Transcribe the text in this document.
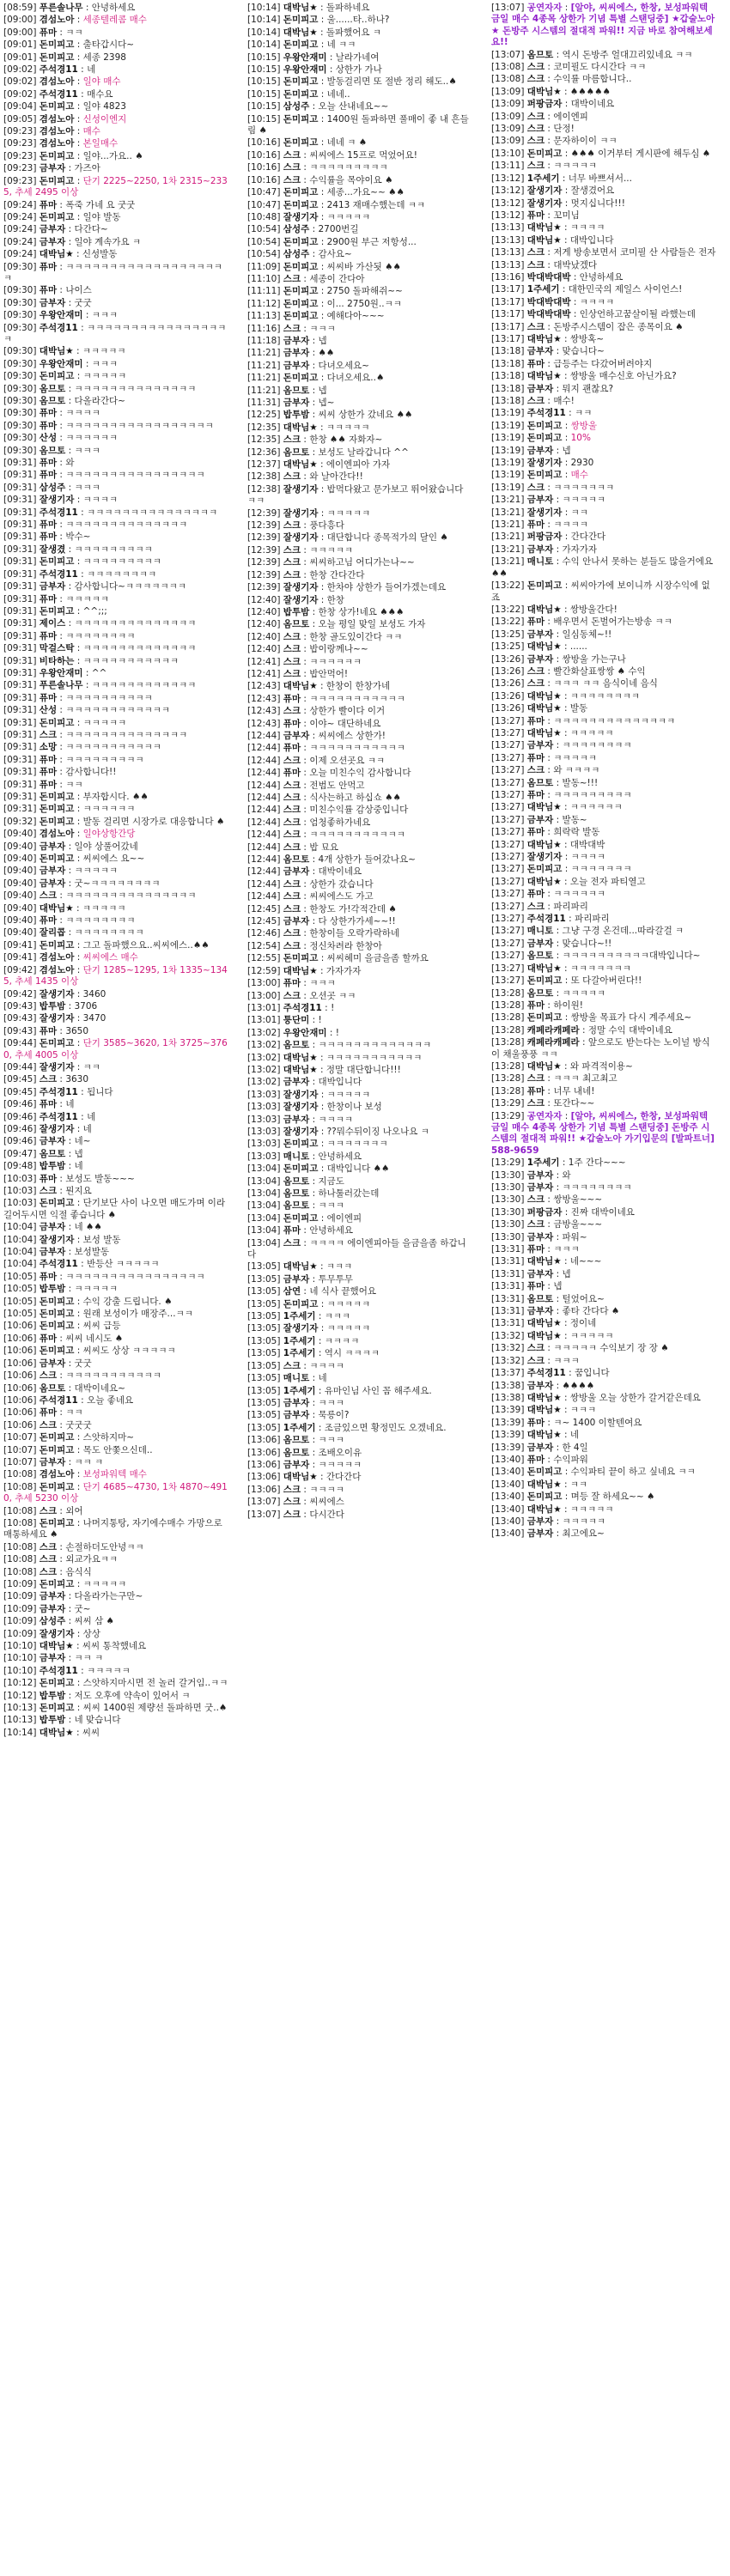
[08:59] 푸른솔나무 : 안녕하세요
[09:00] 겸섬노아 : 세종텔레콤 매수
[09:00] 퓨마 : ㅋㅋ
[09:01] 돈미피고 : 출타갑시다~
[09:01] 돈미피고 : 세종 2398
[09:02] 주석경11 : 네
[09:02] 겸섬노아 : 일야 매수
[09:02] 주석경11 : 매수요
[09:04] 돈미피고 : 일야 4823
[09:05] 겸섬노아 : 신성이엔지
[09:23] 겸섬노아 : 매수
[09:23] 겸섬노아 : 본일매수
[09:23] 돈미피고 : 일야...가요.. ♠
[09:23] 금부자 : 가즈아
[09:23] 돈미피고 : 단기 2225~2250, 1차 2315~2335, 추세 2495 이상
[09:24] 퓨마 : 폭죽 가네 요 굿굿
[09:24] 돈미피고 : 일야 발동
[09:24] 금부자 : 다간다~
[09:24] 금부자 : 일야 계속가요 ㅋ
[09:24] 대박님★ : 신성발동
[09:30] 퓨마 : ㅋㅋㅋㅋㅋㅋㅋㅋㅋㅋㅋㅋㅋㅋㅋㅋㅋㅋㅋ
[09:30] 퓨마 : 나이스
[09:30] 금부자 : 굿굿
[09:30] 우왕안재미 : ㅋㅋㅋ
[09:30] 주석경11 : ㅋㅋㅋㅋㅋㅋㅋㅋㅋㅋㅋㅋㅋㅋㅋㅋㅋ
[09:30] 대박님★ : ㅋㅋㅋㅋㅋ
[09:30] 우왕안재미 : ㅋㅋㅋ
[09:30] 돈미피고 : ㅋㅋㅋㅋㅋ
[09:30] 옴므토 : ㅋㅋㅋㅋㅋㅋㅋㅋㅋㅋㅋㅋㅋㅋ
[09:30] 옴므토 : 다올라간다~
[09:30] 퓨마 : ㅋㅋㅋㅋ
[09:30] 퓨마 : ㅋㅋㅋㅋㅋㅋㅋㅋㅋㅋㅋㅋㅋㅋㅋㅋㅋ
[09:30] 산성 : ㅋㅋㅋㅋㅋㅋ
[09:30] 옴므토 : ㅋㅋㅋ
[09:31] 퓨마 : 와
[09:31] 퓨마 : ㅋㅋㅋㅋㅋㅋㅋㅋㅋㅋㅋㅋㅋㅋㅋㅋ
[09:31] 삼성주 : ㅋㅋㅋ
[09:31] 잘생기자 : ㅋㅋㅋㅋ
[09:31] 주석경11 : ㅋㅋㅋㅋㅋㅋㅋㅋㅋㅋㅋㅋㅋㅋㅋ
[09:31] 퓨마 : ㅋㅋㅋㅋㅋㅋㅋㅋㅋㅋㅋㅋㅋㅋ
[09:31] 퓨마 : 박수~
[09:31] 잘생겼 : ㅋㅋㅋㅋㅋㅋㅋㅋㅋ
[09:31] 돈미피고 : ㅋㅋㅋㅋㅋㅋㅋㅋㅋ
[09:31] 주석경11 : ㅋㅋㅋㅋㅋㅋㅋㅋ
[09:31] 금부자 : 감사합니다~ㅋㅋㅋㅋㅋㅋㅋ
[09:31] 퓨마 : ㅋㅋㅋㅋㅋ
[09:31] 돈미피고 : ^^;;;
[09:31] 제이스 : ㅋㅋㅋㅋㅋㅋㅋㅋㅋㅋㅋㅋㅋㅋ
[09:31] 퓨마 : ㅋㅋㅋㅋㅋㅋㅋㅋ
[09:31] 막걸스탁 : ㅋㅋㅋㅋㅋㅋㅋㅋㅋㅋㅋㅋㅋ
[09:31] 비타하는 : ㅋㅋㅋㅋㅋㅋㅋㅋㅋㅋㅋ
[09:31] 우왕안재미 : ^^
[09:31] 푸른솔나무 : ㅋㅋㅋㅋㅋㅋㅋㅋㅋㅋㅋㅋ
[09:31] 퓨마 : ㅋㅋㅋㅋㅋㅋㅋㅋㅋㅋ
[09:31] 산성 : ㅋㅋㅋㅋㅋㅋㅋㅋㅋㅋㅋㅋ
[09:31] 돈미피고 : ㅋㅋㅋㅋㅋ
[09:31] 스크 : ㅋㅋㅋㅋㅋㅋㅋㅋㅋㅋㅋㅋㅋㅋ
[09:31] 소망 : ㅋㅋㅋㅋㅋㅋㅋㅋㅋㅋㅋ
[09:31] 퓨마 : ㅋㅋㅋㅋㅋㅋㅋㅋㅋ
[09:31] 퓨마 : 감사합니다!!
[09:31] 퓨마 : ㅋㅋ
[09:31] 돈미피고 : 부자합시다. ♠♠
[09:31] 돈미피고 : ㅋㅋㅋㅋㅋㅋ
[09:32] 돈미피고 : 발동 걸리면 시장가로 대응합니다 ♠
[09:40] 겸섬노아 : 일야상항간당
[09:40] 금부자 : 일야 상풀어갔네
[09:40] 돈미피고 : 씨씨에스 요~~
[09:40] 금부자 : ㅋㅋㅋㅋㅋ
[09:40] 금부자 : 굿~ㅋㅋㅋㅋㅋㅋㅋㅋ
[09:40] 스크 : ㅋㅋㅋㅋㅋㅋㅋㅋㅋㅋㅋㅋㅋㅋㅋ
[09:40] 대박님★ : ㅋㅋㅋㅋㅋ
[09:40] 퓨마 : ㅋㅋㅋㅋㅋㅋㅋㅋ
[09:40] 잘리콥 : ㅋㅋㅋㅋㅋㅋㅋㅋ
[09:41] 돈미피고 : 그고 돌파했으요..씨씨에스..♠♠
[09:41] 겸섬노아 : 씨씨에스 매수
[09:42] 겸섬노아 : 단기 1285~1295, 1차 1335~1345, 추세 1435 이상
[09:42] 잘생기자 : 3460
[09:43] 밥투밤 : 3706
[09:43] 잘생기자 : 3470
[09:43] 퓨마 : 3650
[09:44] 돈미피고 : 단기 3585~3620, 1차 3725~3760, 추세 4005 이상
[09:44] 잘생기자 : ㅋㅋ
[09:45] 스크 : 3630
[09:45] 주석경11 : 됩니다
[09:46] 퓨마 : 네
[09:46] 주석경11 : 네
[09:46] 잘생기자 : 네
[09:46] 금부자 : 네~
[09:47] 옴므토 : 넵
[09:48] 밥투밤 : 네
[10:03] 퓨마 : 보성도 발동~~~
[10:03] 스크 : 뭔지요
[10:03] 돈미피고 : 단기보단 사이 나오면 매도가며 이라 길어두시면 익절 좋습니다 ♠
[10:04] 금부자 : 네 ♠♠
[10:04] 잘생기자 : 보성 발동
[10:04] 금부자 : 보성발동
[10:04] 주석경11 : 반등산 ㅋㅋㅋㅋㅋ
[10:05] 퓨마 : ㅋㅋㅋㅋㅋㅋㅋㅋㅋㅋㅋㅋㅋㅋㅋㅋ
[10:05] 밥투밤 : ㅋㅋㅋㅋㅋ
[10:05] 돈미피고 : 수익 강출 드립니다. ♠
[10:05] 돈미피고 : 원래 보성이가 매장주...ㅋㅋ
[10:06] 돈미피고 : 씨씨 급등
[10:06] 퓨마 : 씨씨 네시도 ♠
[10:06] 돈미피고 : 씨씨도 상상 ㅋㅋㅋㅋㅋ
[10:06] 금부자 : 굿굿
[10:06] 스크 : ㅋㅋㅋㅋㅋㅋㅋㅋㅋㅋㅋ
[10:06] 옴므토 : 대박이네요~
[10:06] 주석경11 : 오늘 좋네요
[10:06] 퓨마 : ㅋㅋ
[10:06] 스크 : 굿굿굿
[10:07] 돈미피고 : 스앗하지마~
[10:07] 돈미피고 : 목도 안쫓으신데..
[10:07] 금부자 : ㅋㅋ ㅋ
[10:08] 겸섬노아 : 보성파워텍 매수
[10:08] 돈미피고 : 단기 4685~4730, 1차 4870~4910, 추세 5230 이상
[10:08] 스크 : 외어
[10:08] 돈미피고 : 나머지통탕, 자기에수매수 가망으로 매통하세요 ♠
[10:08] 스크 : 손절하더도안녕ㅋㅋ
[10:08] 스크 : 외교가요ㅋㅋ
[10:08] 스크 : 음식식
[10:09] 돈미피고 : ㅋㅋㅋㅋㅋ
[10:09] 금부자 : 다올라가는구만~
[10:09] 금부자 : 굿~
[10:09] 삼성주 : 씨씨 삼 ♠
[10:09] 잘생기자 : 상상
[10:10] 대박님★ : 씨씨 통착했네요
[10:10] 금부자 : ㅋㅋ ㅋ
[10:10] 주석경11 : ㅋㅋㅋㅋㅋ
[10:12] 돈미피고 : 스앗하지마시면 전 놀러 갈거임..ㅋㅋ
[10:12] 밥투밤 : 저도 오후에 약속이 있어서 ㅋ
[10:13] 돈미피고 : 씨씨 1400원 제량선 돌파하면 굿..♠
[10:13] 밥투밤 : 네 맞습니다
[10:14] 대박님★ : 씨씨
[10:14] 대박님★ : 돌파하네요
[10:14] 돈미피고 : 울......타..하나?
[10:14] 대박님★ : 돌파했어요 ㅋ
[10:14] 돈미피고 : 네 ㅋㅋ
[10:15] 우왕안재미 : 날라가네여
[10:15] 우왕안재미 : 상한가 가나
[10:15] 돈미피고 : 발동걸리면 또 절반 정리 해도..♠
[10:15] 돈미피고 : 네네..
[10:15] 삼성주 : 오늘 산내네요~~
[10:15] 돈미피고 : 1400원 돌파하면 풀매이 좋 내 흔들림 ♠
[10:16] 돈미피고 : 네네 ㅋ ♠
[10:16] 스크 : 씨씨에스 15프로 먹었어요!
[10:16] 스크 : ㅋㅋㅋㅋㅋㅋㅋㅋㅋ
[10:16] 스크 : 수익률을 목야이요 ♠
[10:47] 돈미피고 : 세종...가요~~ ♠♠
[10:47] 돈미피고 : 2413 재매수했는데 ㅋㅋ
[10:48] 잘생기자 : ㅋㅋㅋㅋㅋ
[10:54] 삼성주 : 2700번길
[10:54] 돈미피고 : 2900원 부근 저항성...
[10:54] 삼성주 : 감사요~
[11:09] 돈미피고 : 씨씨바 가산됫 ♠♠
[11:10] 스크 : 세종이 간다아
[11:11] 돈미피고 : 2750 돌파해쥐~~
[11:12] 돈미피고 : 이... 2750원..ㅋㅋ
[11:13] 돈미피고 : 예해다아~~~
[11:16] 스크 : ㅋㅋㅋ
[11:18] 금부자 : 넵
[11:21] 금부자 : ♠♠
[11:21] 금부자 : 다녀오세요~
[11:21] 돈미피고 : 다녀오세요..♠
[11:21] 옴므토 : 넵
[11:31] 금부자 : 넵~
[12:25] 밥투밤 : 씨씨 상한가 갔네요 ♠♠
[12:35] 대박님★ : ㅋㅋㅋㅋㅋ
[12:35] 스크 : 한창 ♠♠ 자화자~
[12:36] 옴므토 : 보성도 날라갑니다 ^^
[12:37] 대박님★ : 에이엔피아 가자
[12:38] 스크 : 와 날아간다!!
[12:38] 잘생기자 : 밥먹다왔고 문가보고 뛰어왔습니다 ㅋㅋ
[12:39] 잘생기자 : ㅋㅋㅋㅋㅋ
[12:39] 스크 : 풍다흥다
[12:39] 잘생기자 : 대단합니다 종목적가의 달인 ♠
[12:39] 스크 : ㅋㅋㅋㅋㅋ
[12:39] 스크 : 씨씨하고님 어디가는나~~
[12:39] 스크 : 한창 간다간다
[12:39] 잘생기자 : 한차야 상한가 들어가겠는데요
[12:40] 잘생기자 : 한창
[12:40] 밥투밤 : 한창 상가!네요 ♠♠♠
[12:40] 옴므토 : 오늘 평일 맞일 보성도 가자
[12:40] 스크 : 한창 골도있이간다 ㅋㅋ
[12:40] 스크 : 밥이랑께나~~
[12:41] 스크 : ㅋㅋㅋㅋㅋㅋ
[12:41] 스크 : 밥안먹어!
[12:43] 대박님★ : 한창이 한창가네
[12:43] 퓨마 : ㅋㅋㅋㅋㅋㅋㅋㅋㅋㅋㅋ
[12:43] 스크 : 상한가 빨이다 이거
[12:43] 퓨마 : 이야~ 대단하네요
[12:44] 금부자 : 씨씨에스 상한가!
[12:44] 퓨마 : ㅋㅋㅋㅋㅋㅋㅋㅋㅋㅋㅋ
[12:44] 스크 : 이제 오션곳요 ㅋㅋ
[12:44] 퓨마 : 오늘 미친수익 감사합니다
[12:44] 스크 : 전범도 안먹고
[12:44] 스크 : 식사는하고 하십쇼 ♠♠
[12:44] 스크 : 미친수익률 감상중입니다
[12:44] 스크 : 엄청좋하가네요
[12:44] 스크 : ㅋㅋㅋㅋㅋㅋㅋㅋㅋㅋㅋ
[12:44] 스크 : 밥 묘요
[12:44] 옴므토 : 4개 상한가 들어갔나요~
[12:44] 금부자 : 대박이네요
[12:44] 스크 : 상한가 갔습니다
[12:44] 스크 : 씨씨에스도 가고
[12:45] 스크 : 한창도 가!각적간데 ♠
[12:45] 금부자 : 다 상한가가세~~!!
[12:46] 스크 : 한창이들 오락가락하네
[12:54] 스크 : 정신차려라 한창아
[12:55] 돈미피고 : 씨씨헤미 을금을좀 할까요
[12:59] 대박님★ : 가자가자
[13:00] 퓨마 : ㅋㅋㅋ
[13:00] 스크 : 오션곳 ㅋㅋ
[13:01] 주석경11 : !
[13:01] 퉁단미 : !
[13:02] 우왕안재미 : !
[13:02] 옴므토 : ㅋㅋㅋㅋㅋㅋㅋㅋㅋㅋㅋㅋㅋ
[13:02] 대박님★ : ㅋㅋㅋㅋㅋㅋㅋㅋㅋㅋㅋ
[13:02] 대박님★ : 정말 대단합니다!!!
[13:02] 금부자 : 대박입니다
[13:03] 잘생기자 : ㅋㅋㅋㅋㅋ
[13:03] 잘생기자 : 한창이나 보성
[13:03] 금부자 : ㅋㅋㅋㅋ
[13:03] 잘생기자 : ??뭐수뒤이징 나오나요 ㅋ
[13:03] 돈미피고 : ㅋㅋㅋㅋㅋㅋㅋ
[13:03] 매니토 : 안녕하세요
[13:04] 돈미피고 : 대박입니다 ♠♠
[13:04] 옴므토 : 지금도
[13:04] 옴므토 : 하나툴러갔는데
[13:04] 옴므토 : ㅋㅋㅋ
[13:04] 돈미피고 : 에이엔피
[13:04] 퓨마 : 안녕하세요
[13:04] 스크 : ㅋㅋㅋㅋ 에이엔피아들 을금을좀 하갑니다
[13:05] 대박님★ : ㅋㅋㅋ
[13:05] 금부자 : 투무투무
[13:05] 삼연 : 네 식사 끝했어요
[13:05] 돈미피고 : ㅋㅋㅋㅋㅋ
[13:05] 1주세기 : ㅋㅋㅋ
[13:05] 잘생기자 : ㅋㅋㅋㅋㅋ
[13:05] 1주세기 : ㅋㅋㅋㅋ
[13:05] 1주세기 : 역시 ㅋㅋㅋㅋ
[13:05] 스크 : ㅋㅋㅋㅋ
[13:05] 매니토 : 네
[13:05] 1주세기 : 유마인님 사인 꼼 해주세요.
[13:05] 금부자 : ㅋㅋㅋ
[13:05] 금부자 : 묵릉이?
[13:05] 1주세기 : 조금있으면 황정민도 오겠네요.
[13:06] 옴므토 : ㅋㅋㅋ
[13:06] 옴므토 : 조배오이유
[13:06] 금부자 : ㅋㅋㅋㅋㅋ
[13:06] 대박님★ : 간다간다
[13:06] 스크 : ㅋㅋㅋㅋ
[13:07] 스크 : 씨씨에스
[13:07] 스크 : 다시간다
[13:07] 공연자자 : [알야, 씨씨에스, 한창, 보성파워텍 금일 매수 4종목 상한가 기념 특별 스탠딩중] ★갑술노아 ★ 돈방주 시스템의 절대적 파워!! 지금 바로 참여해보세요!!
[13:07] 옴므토 : 역시 돈방주 얼대끄리있네요 ㅋㅋ
[13:08] 스크 : 코미필도 다시간다 ㅋㅋ
[13:08] 스크 : 수익률 마름합니다..
[13:09] 대박님★ : ♠♠♠♠♠
[13:09] 퍼팡금자 : 대박이네요
[13:09] 스크 : 에이엔피
[13:09] 스크 : 단정!
[13:09] 스크 : 문자하이이 ㅋㅋ
[13:10] 돈미피고 : ♠♠♠ 이거부터 게시판에 해두심 ♠
[13:11] 스크 : ㅋㅋㅋㅋㅋ
[13:12] 1주세기 : 너무 바쁘셔서...
[13:12] 잘생기자 : 잘생겼어요
[13:12] 잘생기자 : 멋지십니다!!!
[13:12] 퓨마 : 꼬미님
[13:13] 대박님★ : ㅋㅋㅋㅋ
[13:13] 대박님★ : 대박입니다
[13:13] 스크 : 저게 방송보면서 코미필 산 사람들은 전자
[13:13] 스크 : 대박났겠다
[13:16] 박대박대박 : 안녕하세요
[13:17] 1주세기 : 대한민국의 제일스 사이언스!
[13:17] 박대박대박 : ㅋㅋㅋㅋ
[13:17] 박대박대박 : 인상언하고꿈살이될 라했는데
[13:17] 스크 : 돈방주시스템이 잡은 종목이요 ♠
[13:17] 대박님★ : 쌍방혹~
[13:18] 금부자 : 맞습니다~
[13:18] 퓨마 : 급등주는 다갔어버려야지
[13:18] 대박님★ : 쌍방울 매수신호 아닌가요?
[13:18] 금부자 : 뭐지 괜찮요?
[13:18] 스크 : 매수!
[13:19] 주석경11 : ㅋㅋ
[13:19] 돈미피고 : 쌍방울
[13:19] 돈미피고 : 10%
[13:19] 금부자 : 넵
[13:19] 잘생기자 : 2930
[13:19] 돈미피고 : 매수
[13:19] 스크 : ㅋㅋㅋㅋㅋㅋㅋ
[13:21] 금부자 : ㅋㅋㅋㅋㅋ
[13:21] 잘생기자 : ㅋㅋ
[13:21] 퓨마 : ㅋㅋㅋㅋ
[13:21] 퍼팡금자 : 간다간다
[13:21] 금부자 : 가자가자
[13:21] 매니토 : 수익 안나서 못하는 분들도 많을거에요 ♠♠
[13:22] 돈미피고 : 씨씨아가에 보이니까 시장수익에 없죠
[13:22] 대박님★ : 쌍방울간다!
[13:22] 퓨마 : 배우면서 돈벌어가는방송 ㅋㅋ
[13:25] 금부자 : 일심동체~!!
[13:25] 대박님★ : ......
[13:26] 금부자 : 쌍방울 가는구나
[13:26] 스크 : 빨간화살표쌍쌍 ♠ 수익
[13:26] 스크 : ㅋㅋㅋ ㅋㅋ 음식이네 음식
[13:26] 대박님★ : ㅋㅋㅋㅋㅋㅋㅋㅋ
[13:26] 대박님★ : 발동
[13:27] 퓨마 : ㅋㅋㅋㅋㅋㅋㅋㅋㅋㅋㅋㅋㅋㅋ
[13:27] 대박님★ : ㅋㅋㅋㅋㅋ
[13:27] 금부자 : ㅋㅋㅋㅋㅋㅋㅋㅋ
[13:27] 퓨마 : ㅋㅋㅋㅋㅋ
[13:27] 스크 : 와 ㅋㅋㅋㅋ
[13:27] 옴므토 : 발동~!!!
[13:27] 퓨마 : ㅋㅋㅋㅋㅋㅋㅋㅋㅋ
[13:27] 대박님★ : ㅋㅋㅋㅋㅋㅋ
[13:27] 금부자 : 발동~
[13:27] 퓨마 : 희락락 발동
[13:27] 대박님★ : 대박대박
[13:27] 잘생기자 : ㅋㅋㅋㅋ
[13:27] 돈미피고 : ㅋㅋㅋㅋㅋㅋㅋ
[13:27] 대박님★ : 오늘 전자 파티열고
[13:27] 퓨마 : ㅋㅋㅋㅋㅋㅋ
[13:27] 스크 : 파리파리
[13:27] 주석경11 : 파리파리
[13:27] 매니토 : 그냥 구경 온건데...따라갈걸 ㅋ
[13:27] 금부자 : 맞습니다~!!
[13:27] 옴므토 : ㅋㅋㅋㅋㅋㅋㅋㅋㅋㅋ대박입니다~
[13:27] 대박님★ : ㅋㅋㅋㅋㅋㅋㅋ
[13:27] 돈미피고 : 또 다갈아버린다!!
[13:28] 옴므토 : ㅋㅋㅋㅋㅋ
[13:28] 퓨마 : 하이원!
[13:28] 돈미피고 : 쌍방울 목표가 다시 계주세요~
[13:28] 캐페라캐페라 : 정말 수익 대박이네요
[13:28] 캐페라캐페라 : 앞으로도 받는다는 노이널 방식이 채울풍풍 ㅋㅋ
[13:28] 대박님★ : 와 파격적이용~
[13:28] 스크 : ㅋㅋㅋ 최고최고
[13:28] 퓨마 : 너무 내네!
[13:29] 스크 : 또간다~~
[13:29] 공연자자 : [알야, 씨씨에스, 한창, 보성파워텍 금일 매수 4종목 상한가 기념 특별 스탠딩중] 돈방주 시스템의 절대적 파워!! ★갑술노아 가기입문의 [발파트너] 588-9659
[13:29] 1주세기 : 1주 간다~~~
[13:30] 금부자 : 와
[13:30] 금부자 : ㅋㅋㅋㅋㅋㅋㅋㅋ
[13:30] 스크 : 쌍방울~~~
[13:30] 퍼팡금자 : 진짜 대박이네요
[13:30] 스크 : 금방울~~~
[13:30] 금부자 : 파워~
[13:31] 퓨마 : ㅋㅋㅋ
[13:31] 대박님★ : 네~~~
[13:31] 금부자 : 넵
[13:31] 퓨마 : 넵
[13:31] 옴므토 : 털었어요~
[13:31] 금부자 : 좋타 간다다 ♠
[13:31] 대박님★ : 정이네
[13:32] 대박님★ : ㅋㅋㅋㅋㅋ
[13:32] 스크 : ㅋㅋㅋㅋㅋ 수익보기 장 장 ♠
[13:32] 스크 : ㅋㅋㅋ
[13:37] 주석경11 : 꿈입니다
[13:38] 금부자 : ♠♠♠♠
[13:38] 대박님★ : 쌍방울 오늘 상한가 갈거같은데요
[13:39] 대박님★ : ㅋㅋㅋ
[13:39] 퓨마 : ㅋ~ 1400 이할텐여요
[13:39] 대박님★ : 네
[13:39] 금부자 : 한 4일
[13:40] 퓨마 : 수익파워
[13:40] 돈미피고 : 수익파티 끝이 하고 싶네요 ㅋㅋ
[13:40] 대박님★ : ㅋㅋ
[13:40] 돈미피고 : 며등 잘 하세요~~ ♠
[13:40] 대박님★ : ㅋㅋㅋㅋㅋ
[13:40] 금부자 : ㅋㅋㅋㅋㅋ
[13:40] 금부자 : 최고에요~
